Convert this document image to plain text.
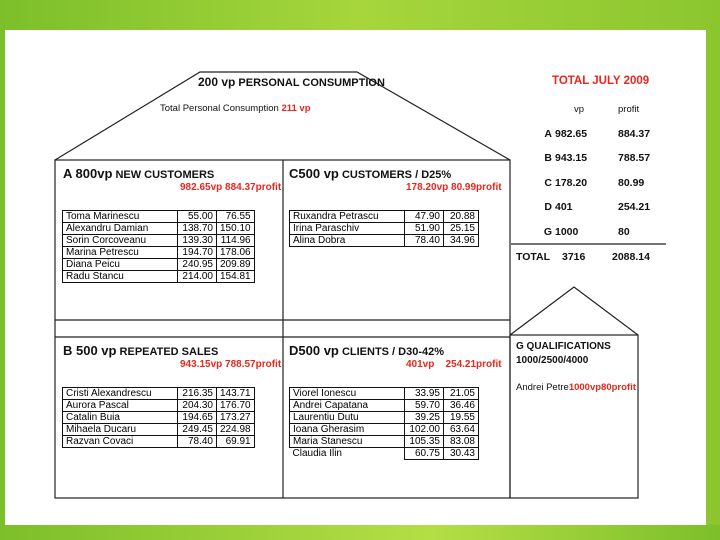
200 vp PERSONAL CONSUMPTION
Total Personal Consumption 211 vp
TOTAL JULY 2009
vp	profit
A 982.65	884.37
B 943.15	788.57
C 178.20	80.99
D 401	254.21
G 1000	80
TOTAL 3716	2088.14
A 800vp NEW CUSTOMERS
982.65vp 884.37profit
Toma Marinescu	55.00	76.55
Alexandru Damian	138.70	150.10
Sorin Corcoveanu	139.30	114.96
Marina Petrescu	194.70	178.06
Diana Peicu	240.95	209.89
Radu Stancu	214.00	154.81
C500 vp CUSTOMERS / D25%
178.20vp 80.99profit
Ruxandra Petrascu	47.90	20.88
Irina Paraschiv	51.90	25.15
Alina Dobra	78.40	34.96
B 500 vp REPEATED SALES
943.15vp 788.57profit
Cristi Alexandrescu	216.35	143.71
Aurora Pascal	204.30	176.70
Catalin Buia	194.65	173.27
Mihaela Ducaru	249.45	224.98
Razvan Covaci	78.40	69.91
D500 vp CLIENTS / D30-42%
401vp    254.21profit
Viorel Ionescu	33.95	21.05
Andrei Capatana	59.70	36.46
Laurentiu Dutu	39.25	19.55
Ioana Gherasim	102.00	63.64
Maria Stanescu	105.35	83.08
Claudia Ilin	60.75	30.43
G QUALIFICATIONS
1000/2500/4000
Andrei Petre1000vp80profit
